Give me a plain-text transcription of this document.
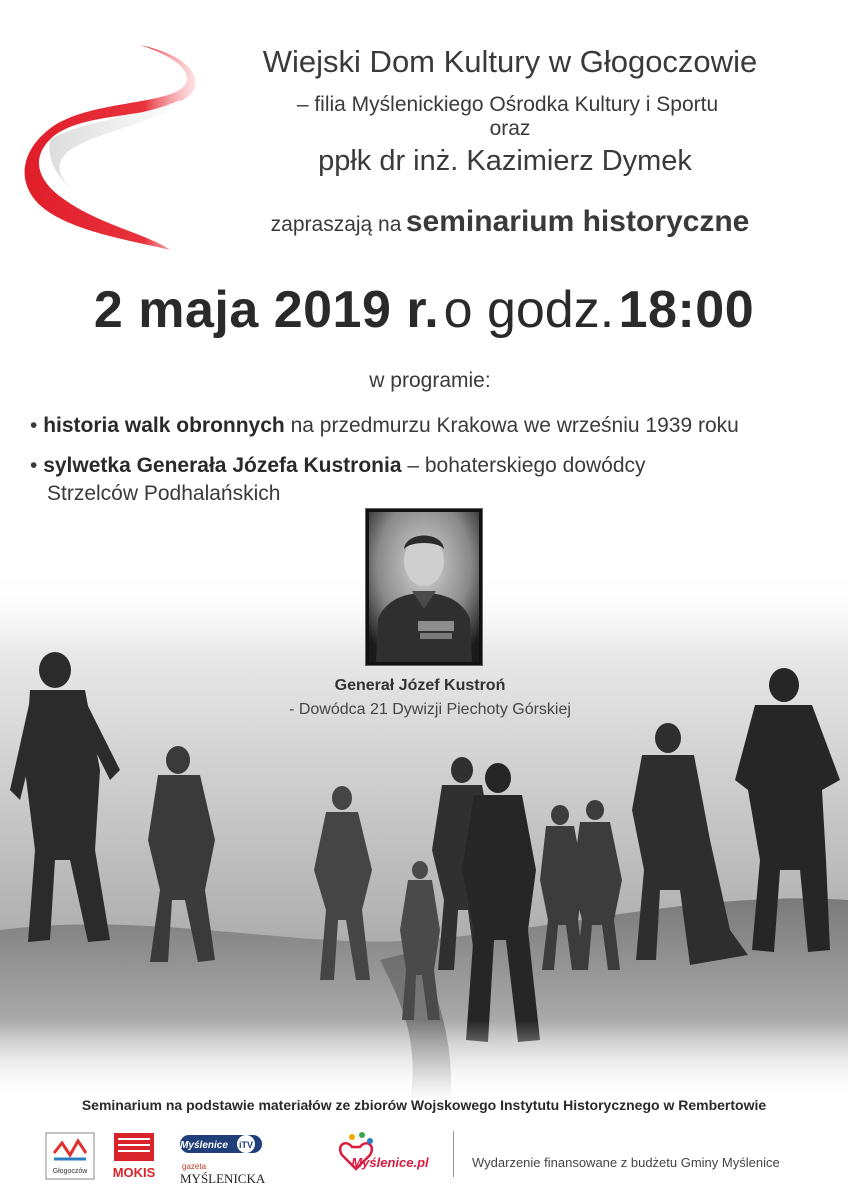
Wiejski Dom Kultury w Głogoczowie
– filia Myślenickiego Ośrodka Kultury i Sportu
oraz
ppłk dr inż. Kazimierz Dymek
zapraszają na seminarium historyczne
2 maja 2019 r. o godz. 18:00
w programie:
• historia walk obronnych na przedmurzu Krakowa we wrześniu 1939 roku
• sylwetka Generała Józefa Kustronia – bohaterskiego dowódcy
Strzelców Podhalańskich
Generał Józef Kustroń
- Dowódca 21 Dywizji Piechoty Górskiej
Seminarium na podstawie materiałów ze zbiorów Wojskowego Instytutu Historycznego w Rembertowie
Głogoczów MOKIS
Myślenice iTV
gazeta
MYŚLENICKA
Myślenice.pl	Wydarzenie finansowane z budżetu Gminy Myślenice
